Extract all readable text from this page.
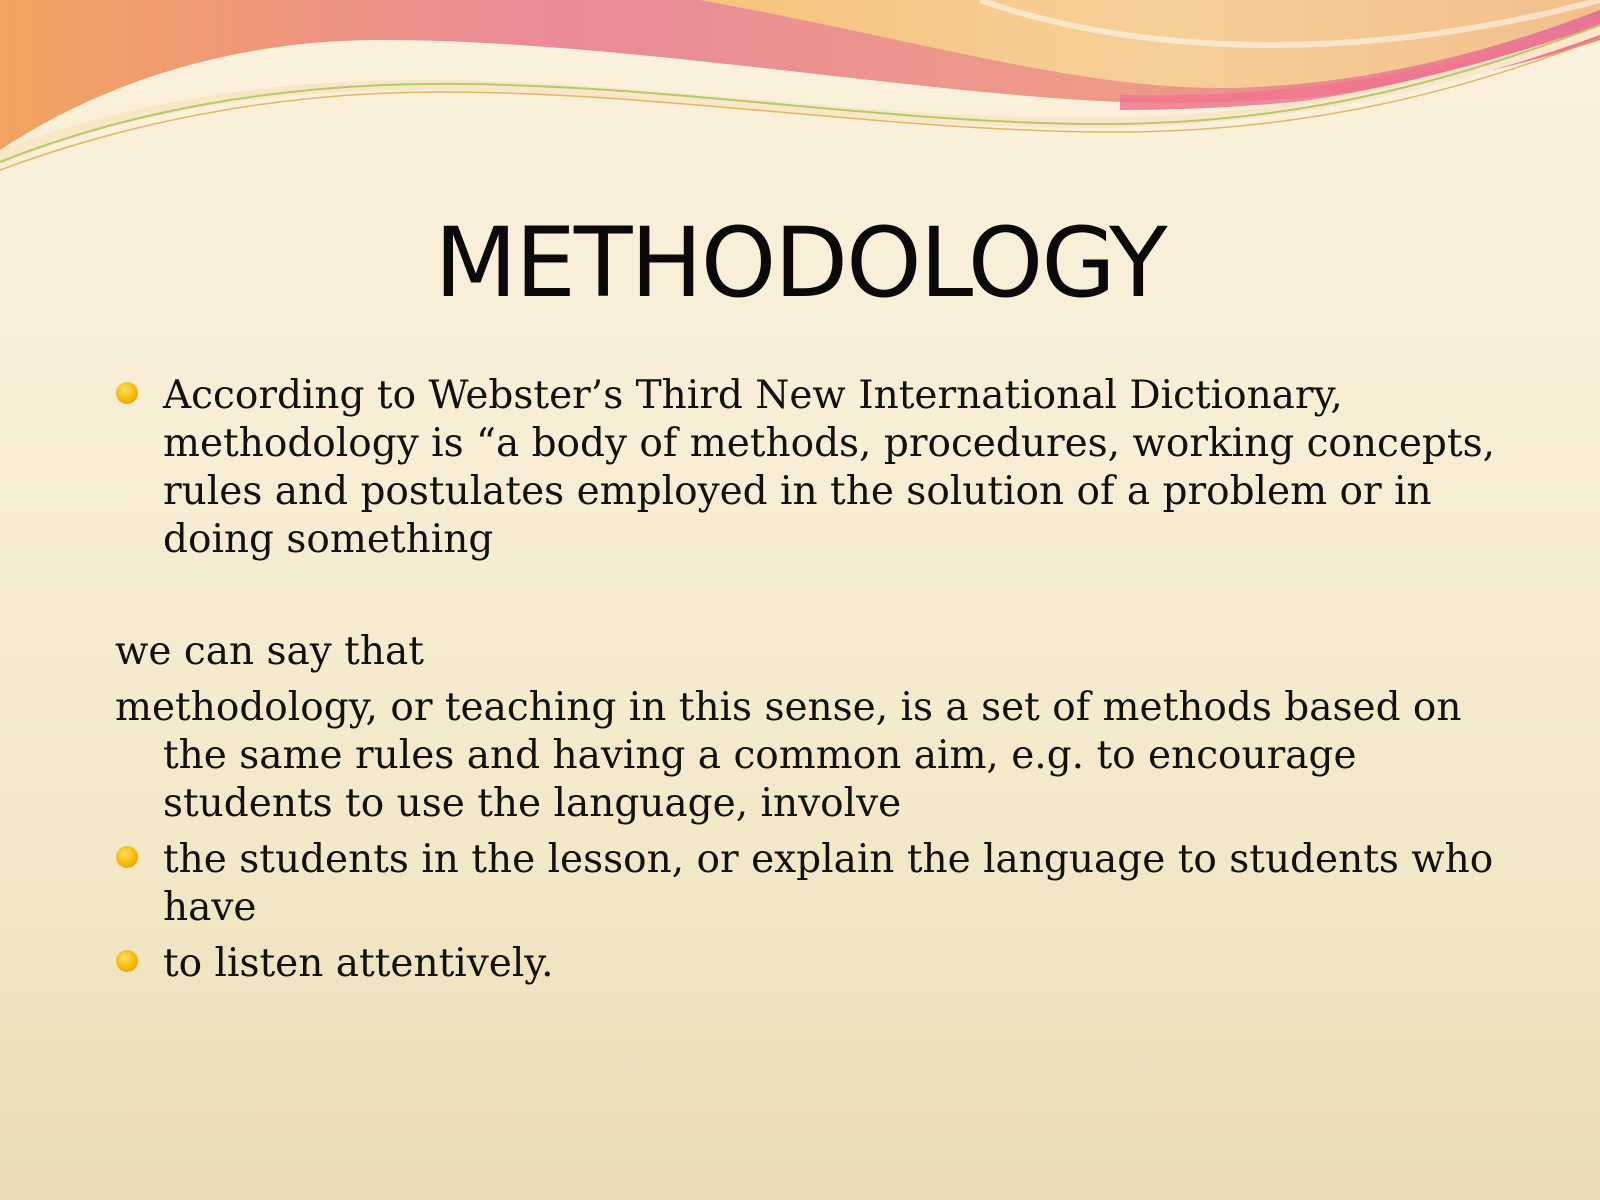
METHODOLOGY

According to Webster’s Third New International Dictionary, methodology is “a body of methods, procedures, working concepts, rules and postulates employed in the solution of a problem or in doing something

we can say that

methodology, or teaching in this sense, is a set of methods based on the same rules and having a common aim, e.g. to encourage students to use the language, involve

the students in the lesson, or explain the language to students who have

to listen attentively.
